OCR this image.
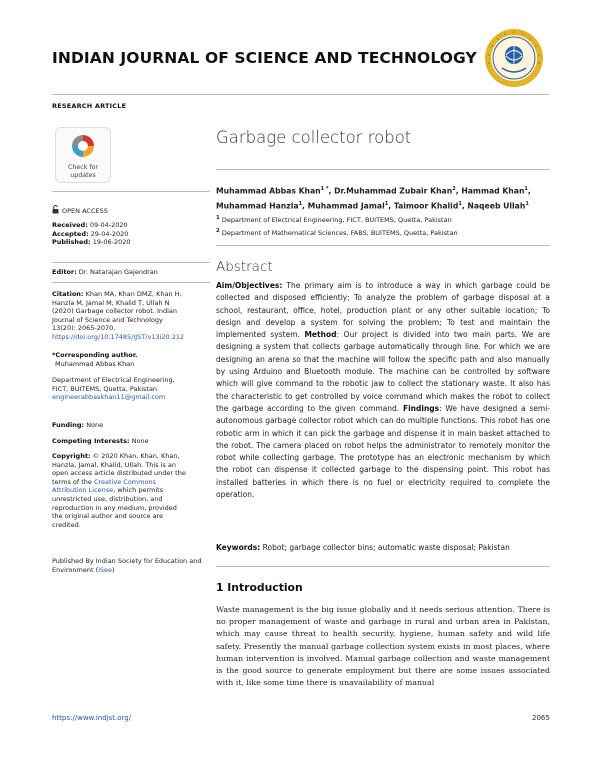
INDIAN JOURNAL OF SCIENCE AND TECHNOLOGY
RESEARCH ARTICLE
Check for
updates
OPEN ACCESS
Received: 09-04-2020
Accepted: 29-04-2020
Published: 19-06-2020
Editor: Dr. Natarajan Gajendran
Citation: Khan MA, Khan DMZ, Khan H, Hanzla M, Jamal M, Khalid T, Ullah N (2020) Garbage collector robot. Indian Journal of Science and Technology 13(20): 2065-2070. https://doi.org/10.17485/IJST/v13i20.212
*Corresponding author.
Muhammad Abbas Khan
Department of Electrical Engineering, FICT, BUITEMS, Quetta, Pakistan
engineerabbaskhan11@gmail.com
Funding: None
Competing Interests: None
Copyright: © 2020 Khan, Khan, Khan, Hanzla, Jamal, Khalid, Ullah. This is an open access article distributed under the terms of the Creative Commons Attribution License, which permits unrestricted use, distribution, and reproduction in any medium, provided the original author and source are credited.
Published By Indian Society for Education and Environment (iSee)
Garbage collector robot
Muhammad Abbas Khan$^{1 *}$, Dr.Muhammad Zubair Khan$^2$, Hammad Khan$^1$, Muhammad Hanzla$^1$, Muhammad Jamal$^1$, Taimoor Khalid$^1$, Naqeeb Ullah$^1$
$^1$ Department of Electrical Engineering, FICT, BUITEMS, Quetta, Pakistan
$^2$ Department of Mathematical Sciences, FABS, BUITEMS, Quetta, Pakistan
Abstract
Aim/Objectives: The primary aim is to introduce a way in which garbage could be collected and disposed efficiently; To analyze the problem of garbage disposal at a school, restaurant, office, hotel, production plant or any other suitable location; To design and develop a system for solving the problem; To test and maintain the implemented system. Method: Our project is divided into two main parts. We are designing a system that collects garbage automatically through line. For which we are designing an arena so that the machine will follow the specific path and also manually by using Arduino and Bluetooth module. The machine can be controlled by software which will give command to the robotic jaw to collect the stationary waste. It also has the characteristic to get controlled by voice command which makes the robot to collect the garbage according to the given command. Findings: We have designed a semi-autonomous garbage collector robot which can do multiple functions. This robot has one robotic arm in which it can pick the garbage and dispense it in main basket attached to the robot. The camera placed on robot helps the administrator to remotely monitor the robot while collecting garbage. The prototype has an electronic mechanism by which the robot can dispense it collected garbage to the dispensing point. This robot has installed batteries in which there is no fuel or electricity required to complete the operation.
Keywords: Robot; garbage collector bins; automatic waste disposal; Pakistan
1 Introduction
Waste management is the big issue globally and it needs serious attention. There is no proper management of waste and garbage in rural and urban area in Pakistan, which may cause threat to health security, hygiene, human safety and wild life safety. Presently the manual garbage collection system exists in most places, where human intervention is involved. Manual garbage collection and waste management is the good source to generate employment but there are some issues associated with it, like some time there is unavailability of manual
https://www.indjst.org/	2065
